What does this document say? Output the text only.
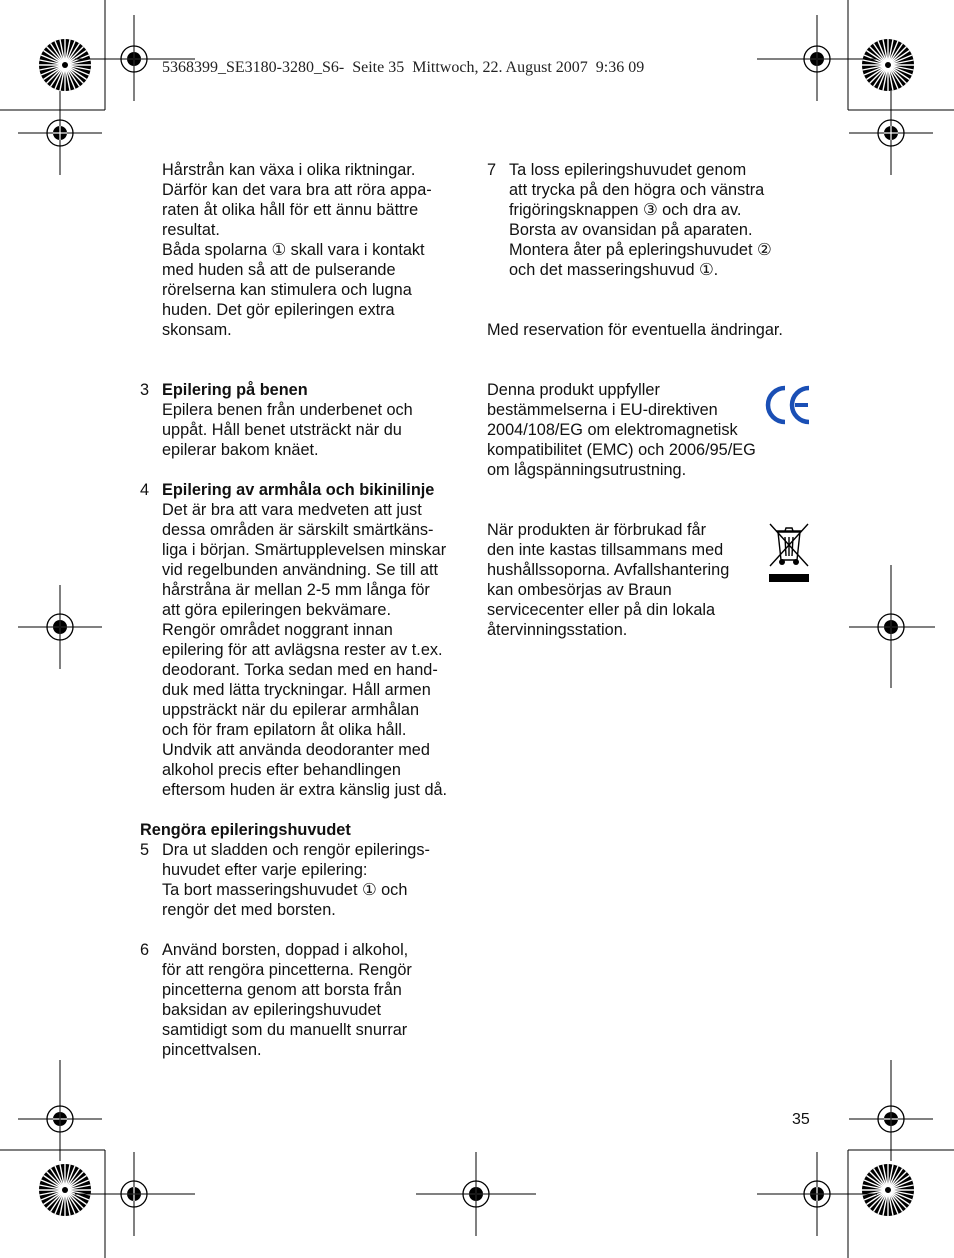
5368399_SE3180-3280_S6-  Seite 35  Mittwoch, 22. August 2007  9:36 09
Hårstrån kan växa i olika riktningar.
Därför kan det vara bra att röra appa-
raten åt olika håll för ett ännu bättre
resultat.
Båda spolarna ① skall vara i kontakt
med huden så att de pulserande
rörelserna kan stimulera och lugna
huden. Det gör epileringen extra
skonsam.
3 Epilering på benen
Epilera benen från underbenet och
uppåt. Håll benet utsträckt när du
epilerar bakom knäet.
4 Epilering av armhåla och bikinilinje
Det är bra att vara medveten att just
dessa områden är särskilt smärtkäns-
liga i början. Smärtupplevelsen minskar
vid regelbunden användning. Se till att
hårstråna är mellan 2-5 mm långa för
att göra epileringen bekvämare.
Rengör området noggrant innan
epilering för att avlägsna rester av t.ex.
deodorant. Torka sedan med en hand-
duk med lätta tryckningar. Håll armen
uppsträckt när du epilerar armhålan
och för fram epilatorn åt olika håll.
Undvik att använda deodoranter med
alkohol precis efter behandlingen
eftersom huden är extra känslig just då.
Rengöra epileringshuvudet
5 Dra ut sladden och rengör epilerings-
huvudet efter varje epilering:
Ta bort masseringshuvudet ① och
rengör det med borsten.
6 Använd borsten, doppad i alkohol,
för att rengöra pincetterna. Rengör
pincetterna genom att borsta från
baksidan av epileringshuvudet
samtidigt som du manuellt snurrar
pincettvalsen.
7 Ta loss epileringshuvudet genom
att trycka på den högra och vänstra
frigöringsknappen ③ och dra av.
Borsta av ovansidan på aparaten.
Montera åter på epleringshuvudet ②
och det masseringshuvud ①.
Med reservation för eventuella ändringar.
Denna produkt uppfyller
bestämmelserna i EU-direktiven
2004/108/EG om elektromagnetisk
kompatibilitet (EMC) och 2006/95/EG
om lågspänningsutrustning.
När produkten är förbrukad får
den inte kastas tillsammans med
hushållssoporna. Avfallshantering
kan ombesörjas av Braun
servicecenter eller på din lokala
återvinningsstation.
35
